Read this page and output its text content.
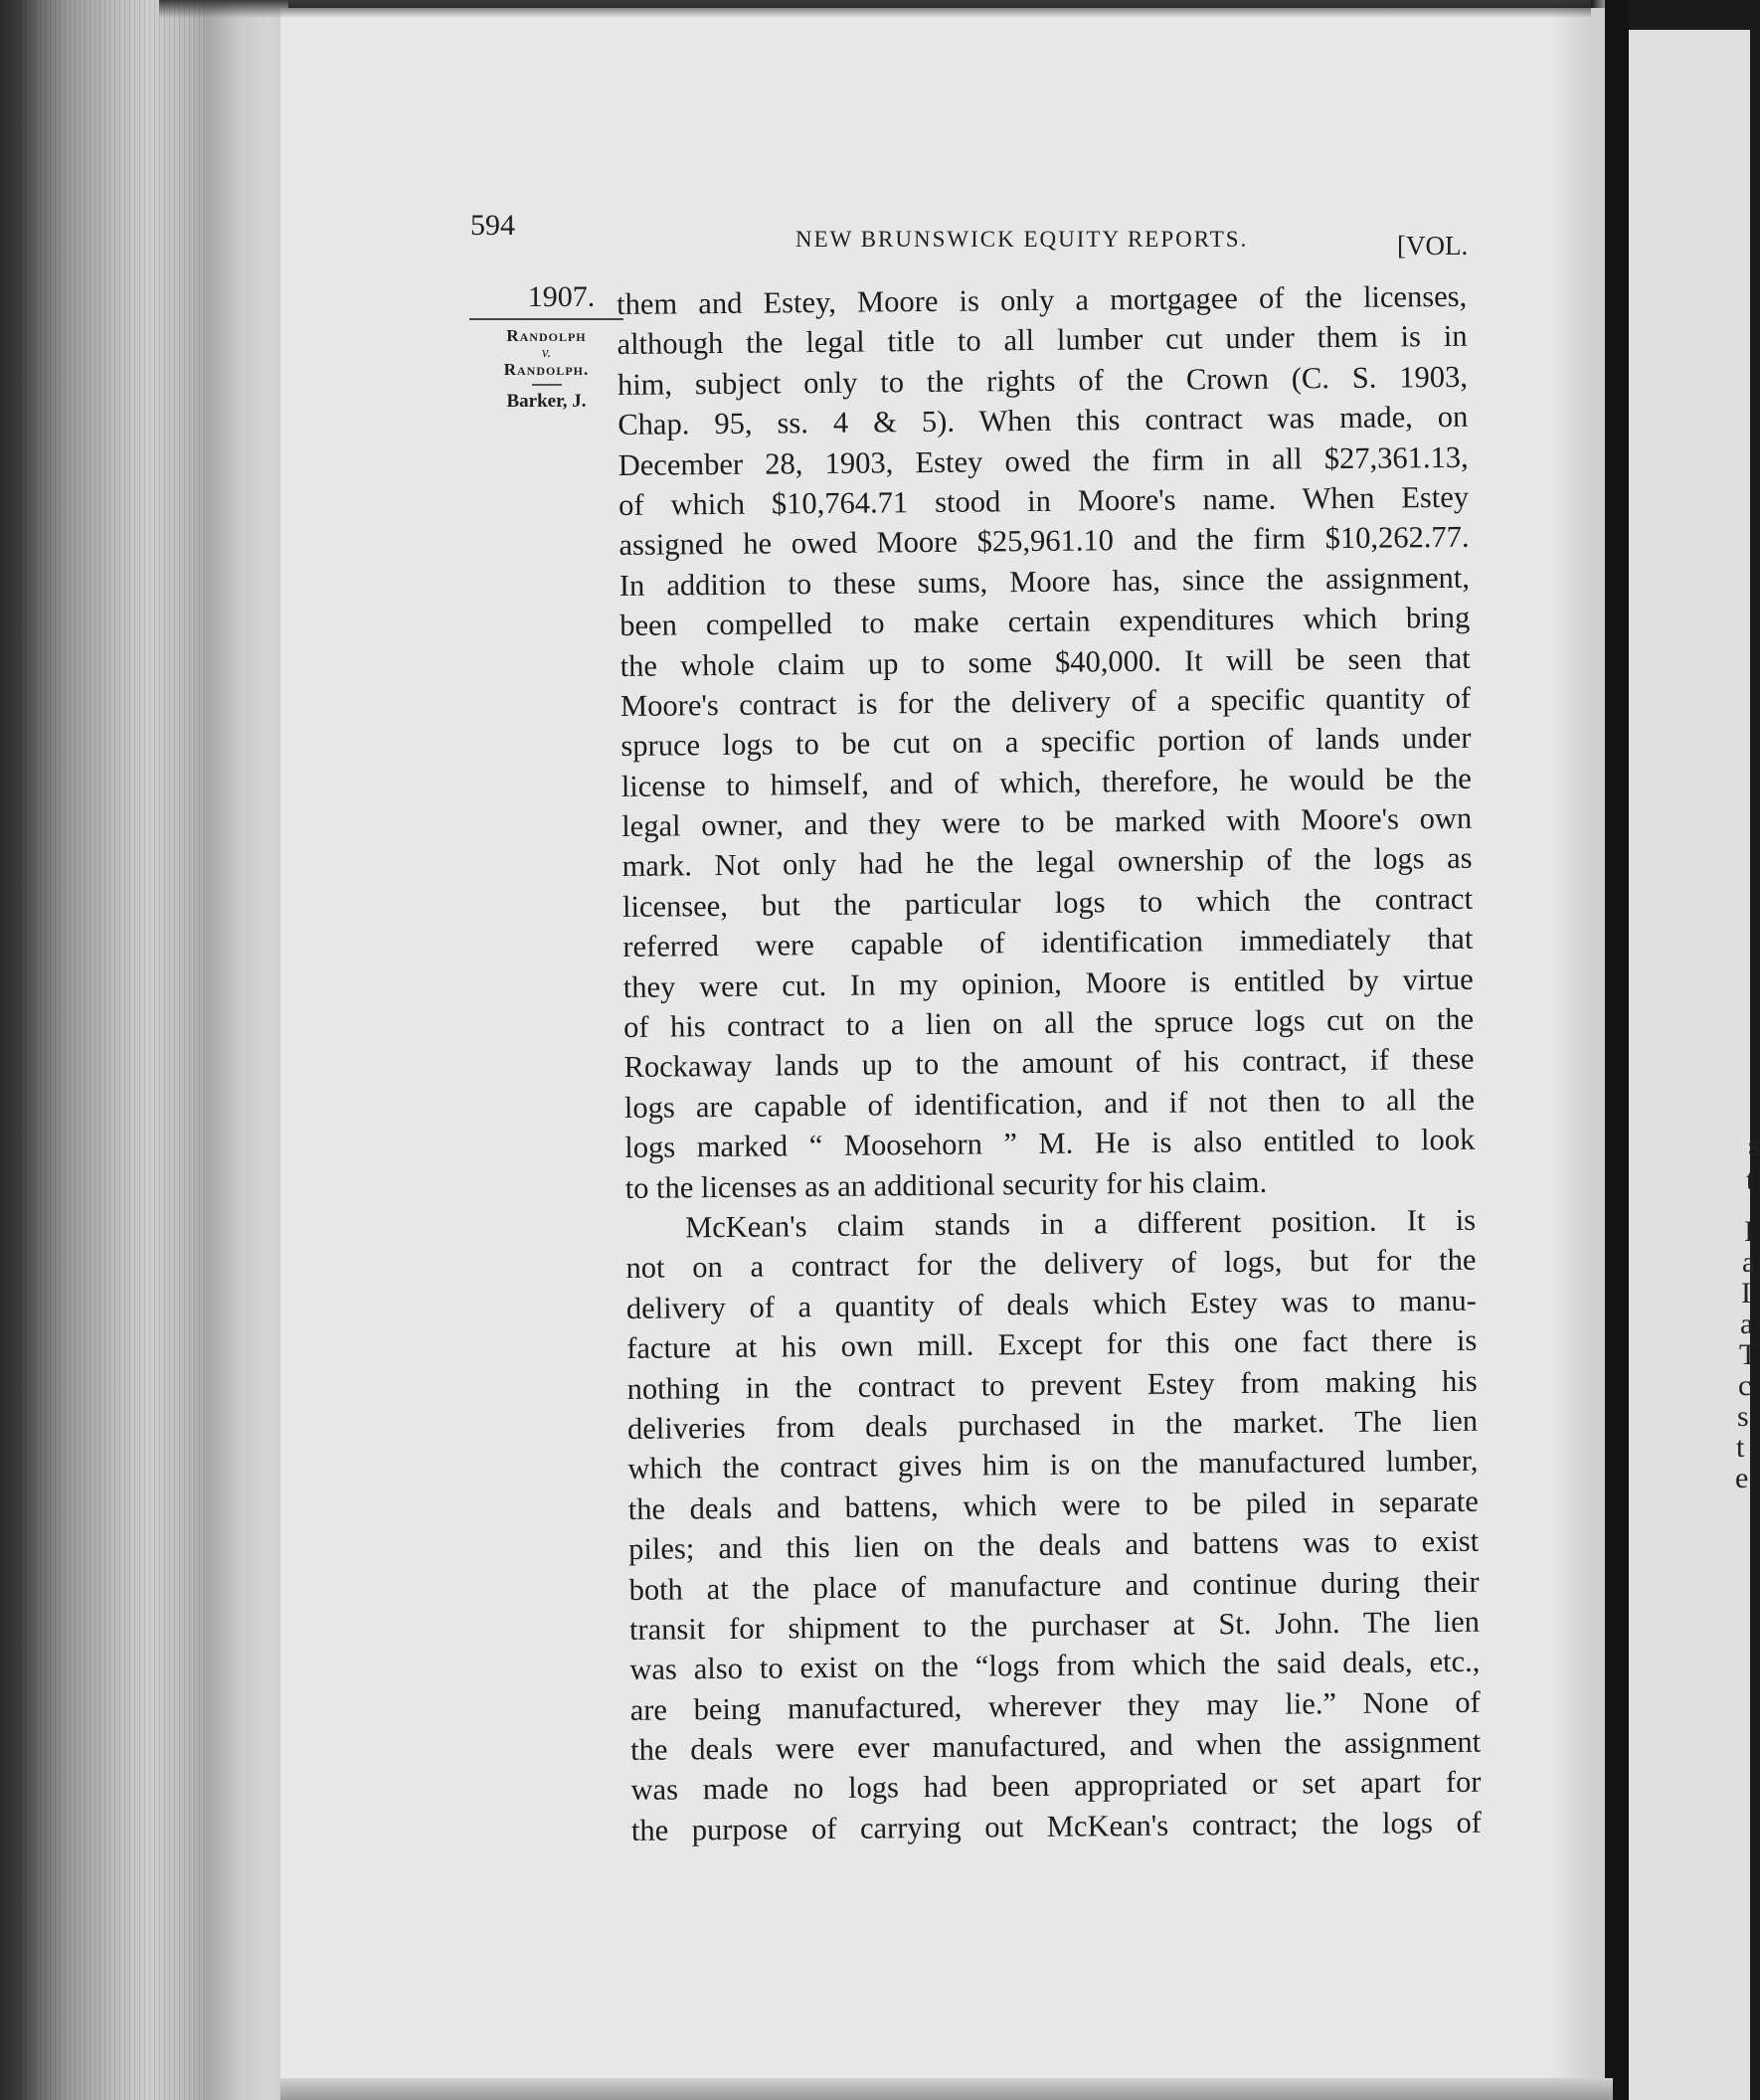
s
t
I
a
I
a
T
c
s
t
e
594	NEW BRUNSWICK EQUITY REPORTS.	[VOL.
1907.
Randolph
v.
Randolph.
Barker, J.
them and Estey, Moore is only a mortgagee of the licenses,
although the legal title to all lumber cut under them is in
him, subject only to the rights of the Crown (C. S. 1903,
Chap. 95, ss. 4 & 5). When this contract was made, on
December 28, 1903, Estey owed the firm in all $27,361.13,
of which $10,764.71 stood in Moore's name. When Estey
assigned he owed Moore $25,961.10 and the firm $10,262.77.
In addition to these sums, Moore has, since the assignment,
been compelled to make certain expenditures which bring
the whole claim up to some $40,000. It will be seen that
Moore's contract is for the delivery of a specific quantity of
spruce logs to be cut on a specific portion of lands under
license to himself, and of which, therefore, he would be the
legal owner, and they were to be marked with Moore's own
mark. Not only had he the legal ownership of the logs as
licensee, but the particular logs to which the contract
referred were capable of identification immediately that
they were cut. In my opinion, Moore is entitled by virtue
of his contract to a lien on all the spruce logs cut on the
Rockaway lands up to the amount of his contract, if these
logs are capable of identification, and if not then to all the
logs marked “ Moosehorn ” M. He is also entitled to look
to the licenses as an additional security for his claim.
McKean's claim stands in a different position. It is
not on a contract for the delivery of logs, but for the
delivery of a quantity of deals which Estey was to manu-
facture at his own mill. Except for this one fact there is
nothing in the contract to prevent Estey from making his
deliveries from deals purchased in the market. The lien
which the contract gives him is on the manufactured lumber,
the deals and battens, which were to be piled in separate
piles; and this lien on the deals and battens was to exist
both at the place of manufacture and continue during their
transit for shipment to the purchaser at St. John. The lien
was also to exist on the “logs from which the said deals, etc.,
are being manufactured, wherever they may lie.” None of
the deals were ever manufactured, and when the assignment
was made no logs had been appropriated or set apart for
the purpose of carrying out McKean's contract; the logs of
